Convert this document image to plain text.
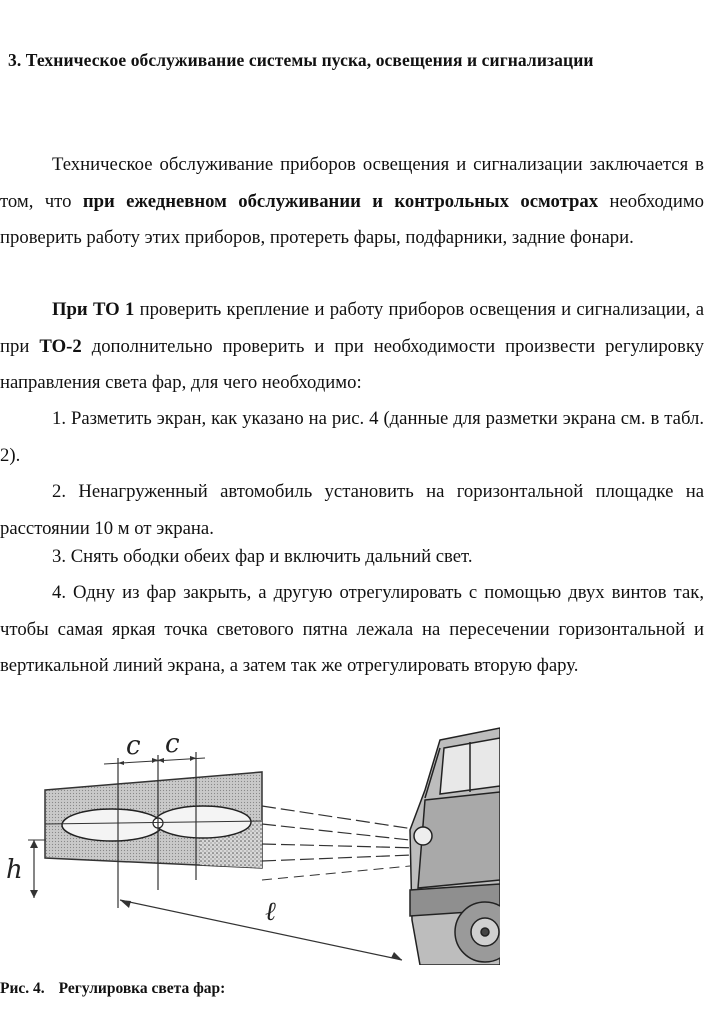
3. Техническое обслуживание системы пуска, освещения и сигнализации

Техническое обслуживание приборов освещения и сигнализации заключается в том, что при ежедневном обслуживании и контрольных осмотрах необходимо проверить работу этих приборов, протереть фары, подфарники, задние фонари.

При ТО 1 проверить крепление и работу приборов освещения и сигнализации, а при ТО-2 дополнительно проверить и при необходимости произвести регулировку направления света фар, для чего необходимо:

1. Разметить экран, как указано на рис. 4 (данные для разметки экрана см. в табл. 2).

2. Ненагруженный автомобиль установить на горизонтальной площадке на расстоянии 10 м от экрана.

3. Снять ободки обеих фар и включить дальний свет.

4. Одну из фар закрыть, а другую отрегулировать с помощью двух винтов так, чтобы самая яркая точка светового пятна лежала на пересечении горизонтальной и вертикальной линий экрана, а затем так же отрегулировать вторую фару.

c c
h
ℓ
Рис. 4. Регулировка света фар:
